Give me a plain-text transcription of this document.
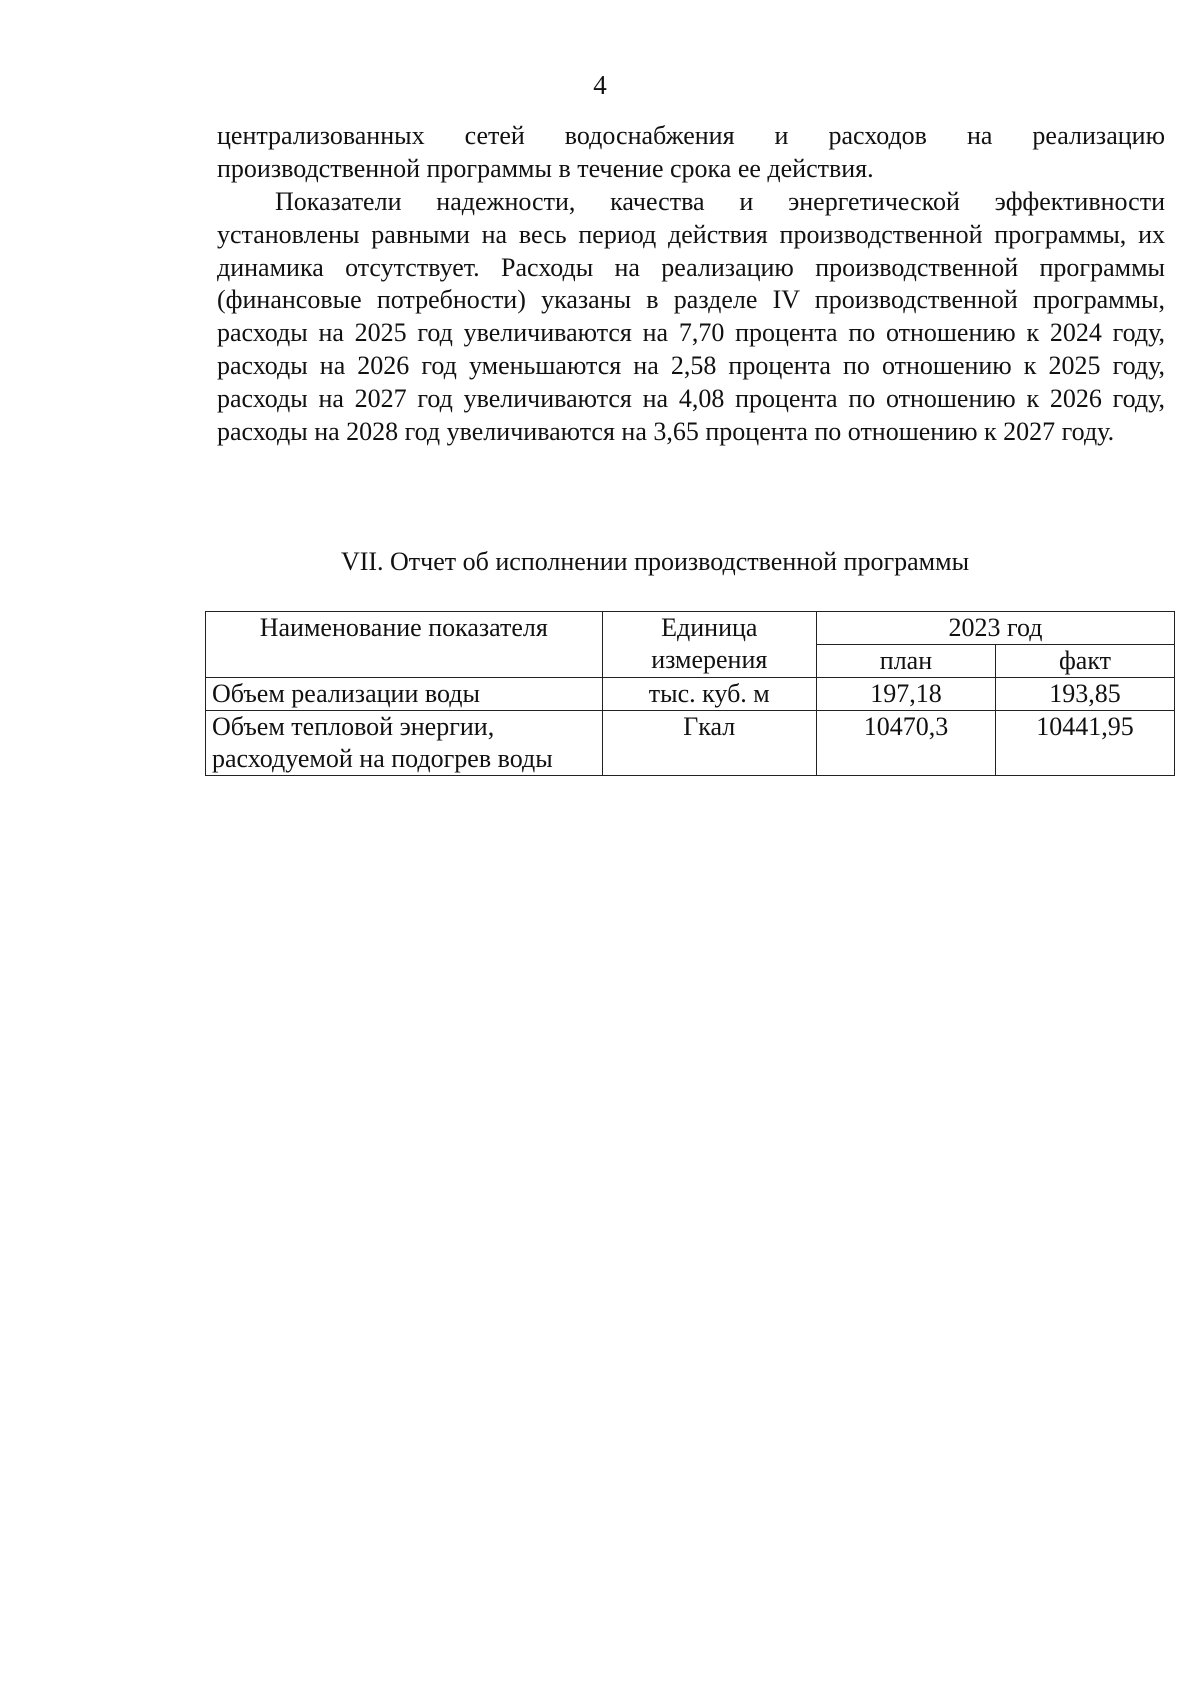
4

централизованных сетей водоснабжения и расходов на реализацию производственной программы в течение срока ее действия.

Показатели надежности, качества и энергетической эффективности установлены равными на весь период действия производственной программы, их динамика отсутствует. Расходы на реализацию производственной программы (финансовые потребности) указаны в разделе IV производственной программы, расходы на 2025 год увеличиваются на 7,70 процента по отношению к 2024 году, расходы на 2026 год уменьшаются на 2,58 процента по отношению к 2025 году, расходы на 2027 год увеличиваются на 4,08 процента по отношению к 2026 году, расходы на 2028 год увеличиваются на 3,65 процента по отношению к 2027 году.

VII. Отчет об исполнении производственной программы
Наименование показателя	Единица измерения	2023 год	
		план	факт
Объем реализации воды	тыс. куб. м	197,18	193,85
Объем тепловой энергии, расходуемой на подогрев воды	Гкал	10470,3	10441,95
